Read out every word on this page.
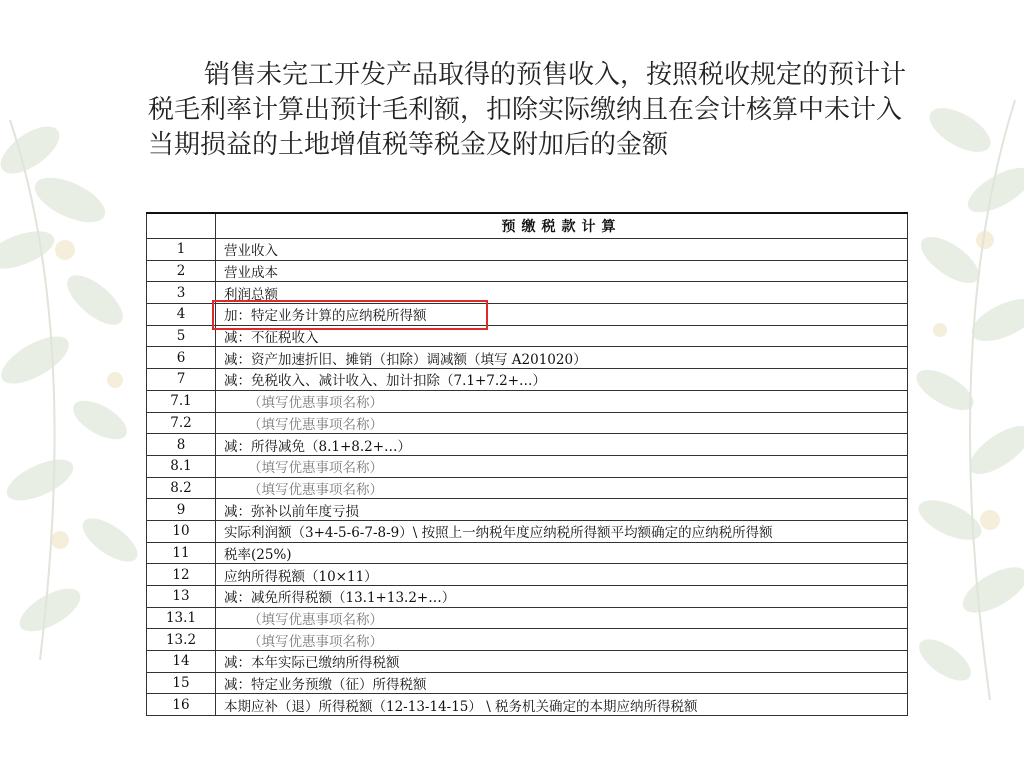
销售未完工开发产品取得的预售收入，按照税收规定的预计计税毛利率计算出预计毛利额，扣除实际缴纳且在会计核算中未计入当期损益的土地增值税等税金及附加后的金额
	预缴税款计算
1	营业收入
2	营业成本
3	利润总额
4	加：特定业务计算的应纳税所得额
5	减：不征税收入
6	减：资产加速折旧、摊销（扣除）调减额（填写 A201020）
7	减：免税收入、减计收入、加计扣除（7.1+7.2+…）
7.1	（填写优惠事项名称）
7.2	（填写优惠事项名称）
8	减：所得减免（8.1+8.2+…）
8.1	（填写优惠事项名称）
8.2	（填写优惠事项名称）
9	减：弥补以前年度亏损
10	实际利润额（3+4-5-6-7-8-9）\ 按照上一纳税年度应纳税所得额平均额确定的应纳税所得额
11	税率(25%)
12	应纳所得税额（10×11）
13	减：减免所得税额（13.1+13.2+…）
13.1	（填写优惠事项名称）
13.2	（填写优惠事项名称）
14	减：本年实际已缴纳所得税额
15	减：特定业务预缴（征）所得税额
16	本期应补（退）所得税额（12-13-14-15） \ 税务机关确定的本期应纳所得税额
